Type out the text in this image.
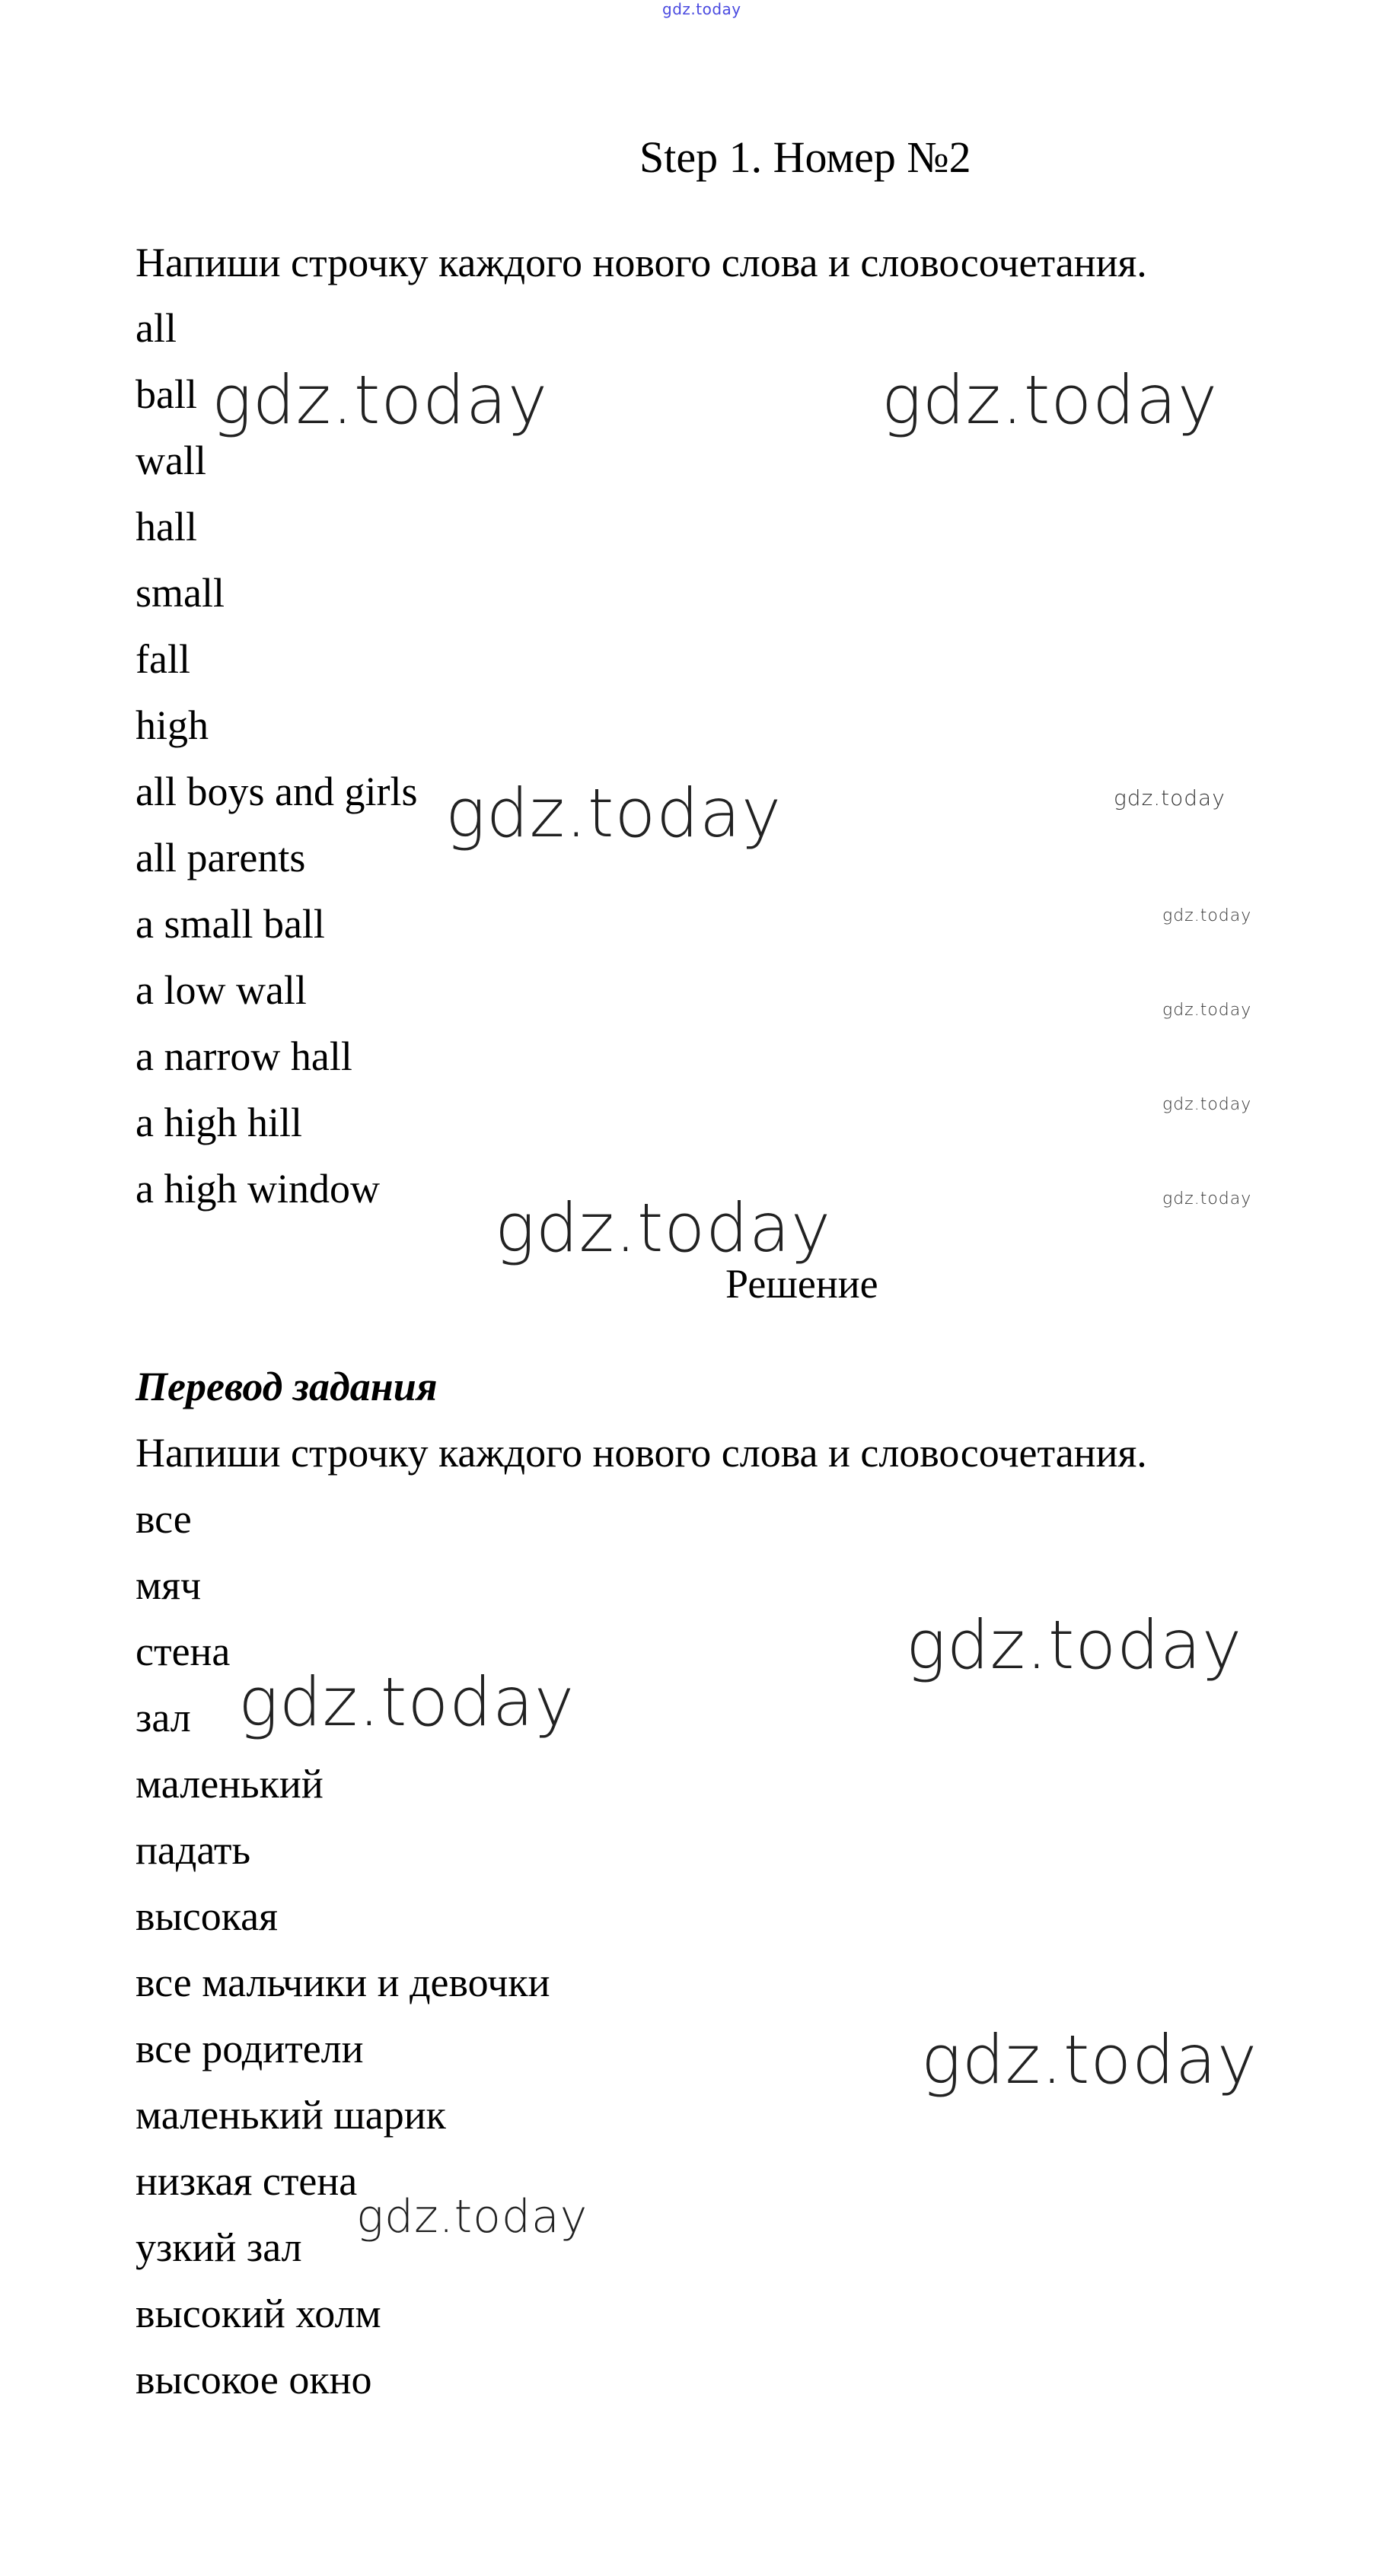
gdz.today
Step 1. Номер №2
Напиши строчку каждого нового слова и словосочетания.
all
ball
wall
hall
small
fall
high
all boys and girls
all parents
a small ball
a low wall
a narrow hall
a high hill
a high window
Решение
Перевод задания
Напиши строчку каждого нового слова и словосочетания.
все
мяч
стена
зал
маленький
падать
высокая
все мальчики и девочки
все родители
маленький шарик
низкая стена
узкий зал
высокий холм
высокое окно
gdz.today	gdz.today
gdz.today	gdz.today
gdz.today
gdz.today
gdz.today
gdz.today
gdz.today
gdz.today
gdz.today
gdz.today
gdz.today
